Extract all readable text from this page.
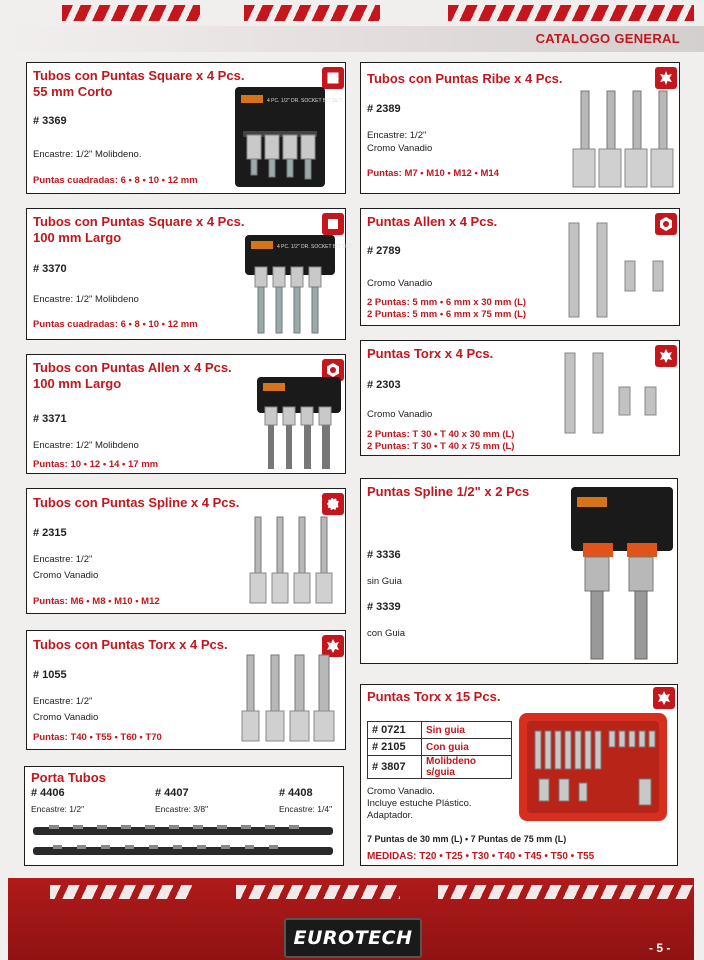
CATALOGO GENERAL
Tubos con Puntas Square x 4 Pcs.
55 mm Corto
# 3369
Encastre: 1/2" Molibdeno.
Puntas cuadradas: 6 • 8 • 10 • 12 mm
4 PC. 1/2" DR. SOCKET BIT SET
Tubos con Puntas Square x 4 Pcs.
100 mm Largo
# 3370
Encastre: 1/2" Molibdeno
Puntas cuadradas: 6 • 8 • 10 • 12 mm
4 PC. 1/2" DR. SOCKET BIT SET
Tubos con Puntas Allen x 4 Pcs.
100 mm Largo
# 3371
Encastre: 1/2" Molibdeno
Puntas: 10 • 12 • 14 • 17 mm
Tubos con Puntas Spline x 4 Pcs.
# 2315
Encastre: 1/2"
Cromo Vanadio
Puntas: M6 • M8 • M10 • M12
Tubos con Puntas Torx x 4 Pcs.
# 1055
Encastre: 1/2"
Cromo Vanadio
Puntas: T40 • T55 • T60 • T70
Porta Tubos
# 4406
Encastre: 1/2"
# 4407
Encastre: 3/8"
# 4408
Encastre: 1/4"
Tubos con Puntas Ribe x 4 Pcs.
# 2389
Encastre: 1/2"
Cromo Vanadio
Puntas: M7 • M10 • M12 • M14
Puntas Allen x 4 Pcs.
# 2789
Cromo Vanadio
2 Puntas: 5 mm • 6 mm x 30 mm (L)
2 Puntas: 5 mm • 6 mm x 75 mm (L)
Puntas Torx x 4 Pcs.
# 2303
Cromo Vanadio
2 Puntas: T 30 • T 40 x 30 mm (L)
2 Puntas: T 30 • T 40 x 75 mm (L)
Puntas Spline 1/2" x 2 Pcs
# 3336
sin Guia
# 3339
con Guia
Puntas Torx x 15 Pcs.
# 0721	Sin guia
# 2105	Con guia
# 3807	Molibdeno s/guia
Cromo Vanadio.
Incluye estuche Plástico.
Adaptador.
7 Puntas de 30 mm (L) • 7 Puntas de 75 mm (L)
MEDIDAS: T20 • T25 • T30 • T40 • T45 • T50 • T55
EUROTECH	- 5 -
